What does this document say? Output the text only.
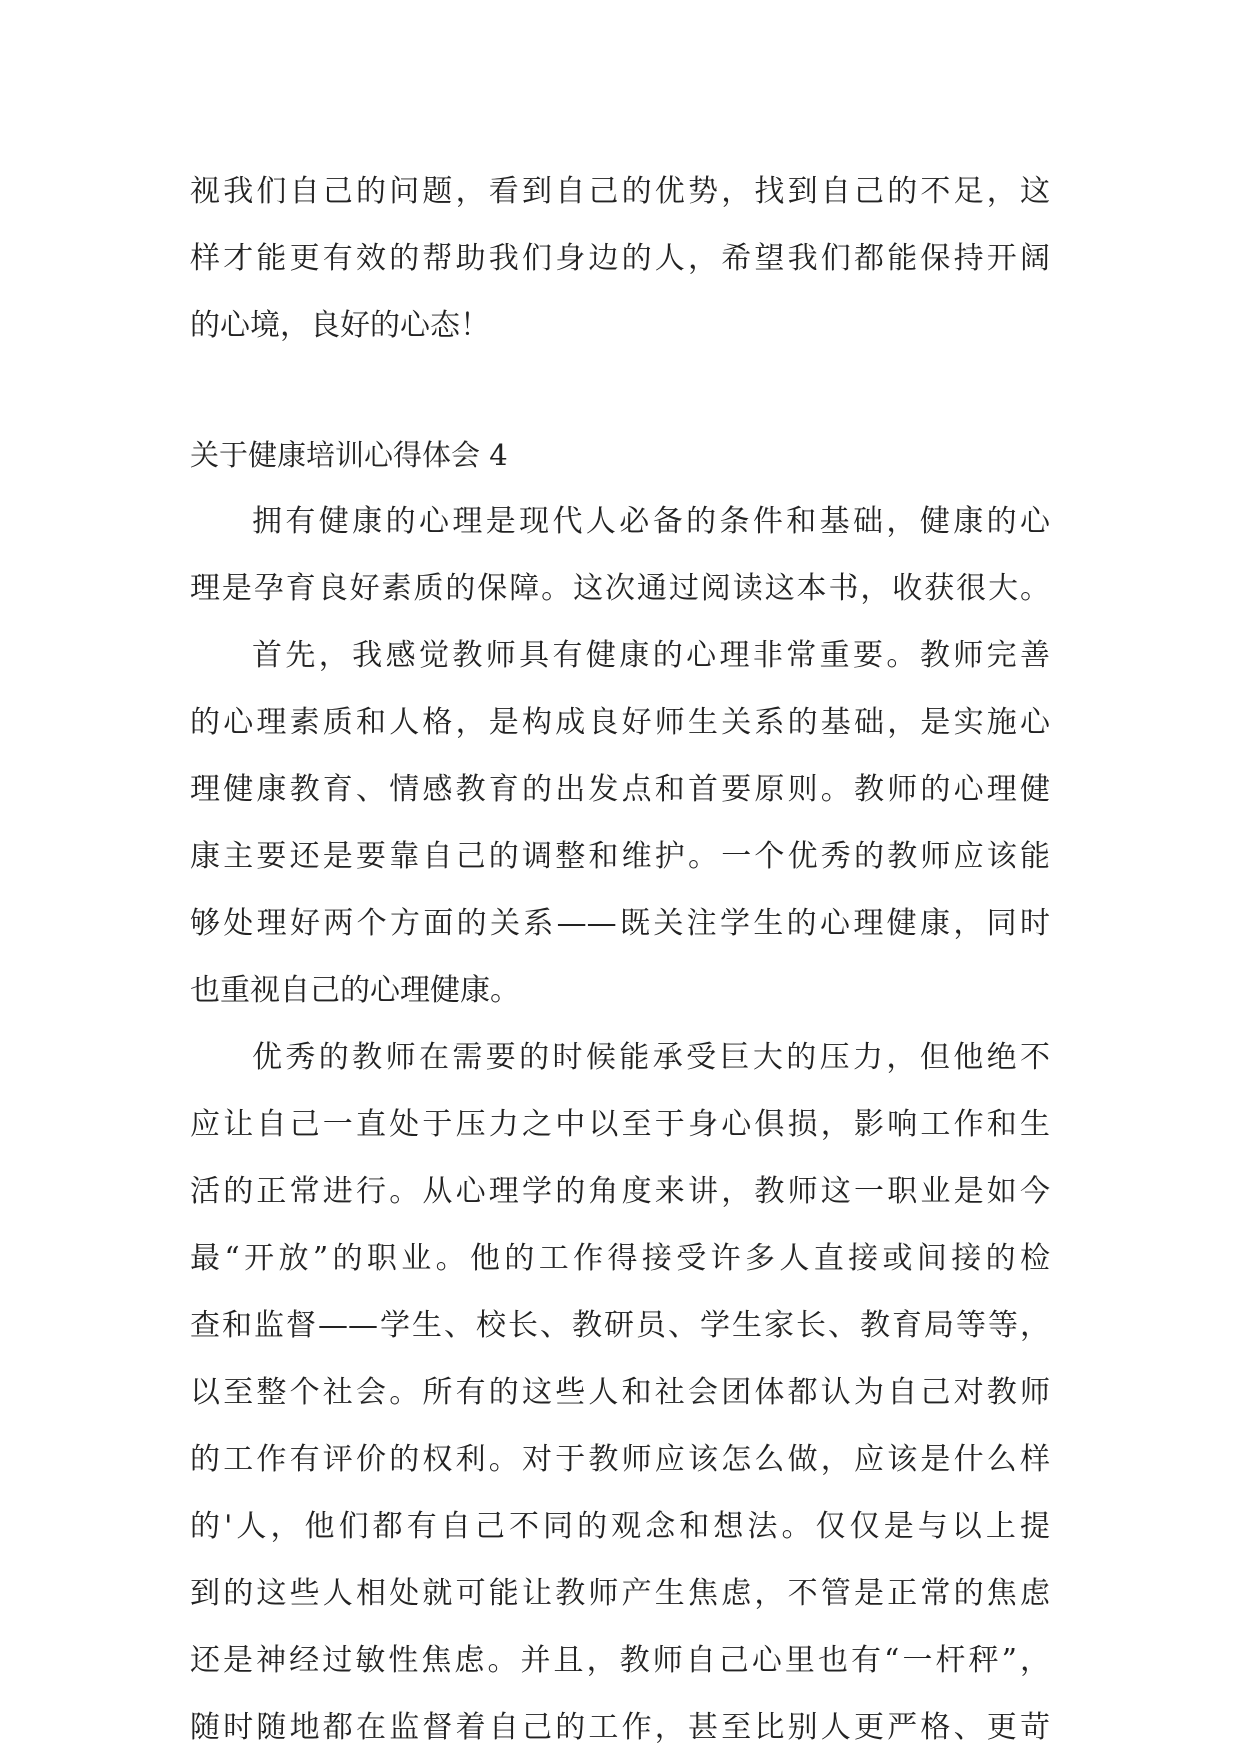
视我们自己的问题，看到自己的优势，找到自己的不足，这
样才能更有效的帮助我们身边的人，希望我们都能保持开阔
的心境，良好的心态！
关于健康培训心得体会 4
拥有健康的心理是现代人必备的条件和基础，健康的心
理是孕育良好素质的保障。这次通过阅读这本书，收获很大。
首先，我感觉教师具有健康的心理非常重要。教师完善
的心理素质和人格，是构成良好师生关系的基础，是实施心
理健康教育、情感教育的出发点和首要原则。教师的心理健
康主要还是要靠自己的调整和维护。一个优秀的教师应该能
够处理好两个方面的关系——既关注学生的心理健康，同时
也重视自己的心理健康。
优秀的教师在需要的时候能承受巨大的压力，但他绝不
应让自己一直处于压力之中以至于身心俱损，影响工作和生
活的正常进行。从心理学的角度来讲，教师这一职业是如今
最“开放”的职业。他的工作得接受许多人直接或间接的检
查和监督——学生、校长、教研员、学生家长、教育局等等，
以至整个社会。所有的这些人和社会团体都认为自己对教师
的工作有评价的权利。对于教师应该怎么做，应该是什么样
的'人，他们都有自己不同的观念和想法。仅仅是与以上提
到的这些人相处就可能让教师产生焦虑，不管是正常的焦虑
还是神经过敏性焦虑。并且，教师自己心里也有“一杆秤”，
随时随地都在监督着自己的工作，甚至比别人更严格、更苛
